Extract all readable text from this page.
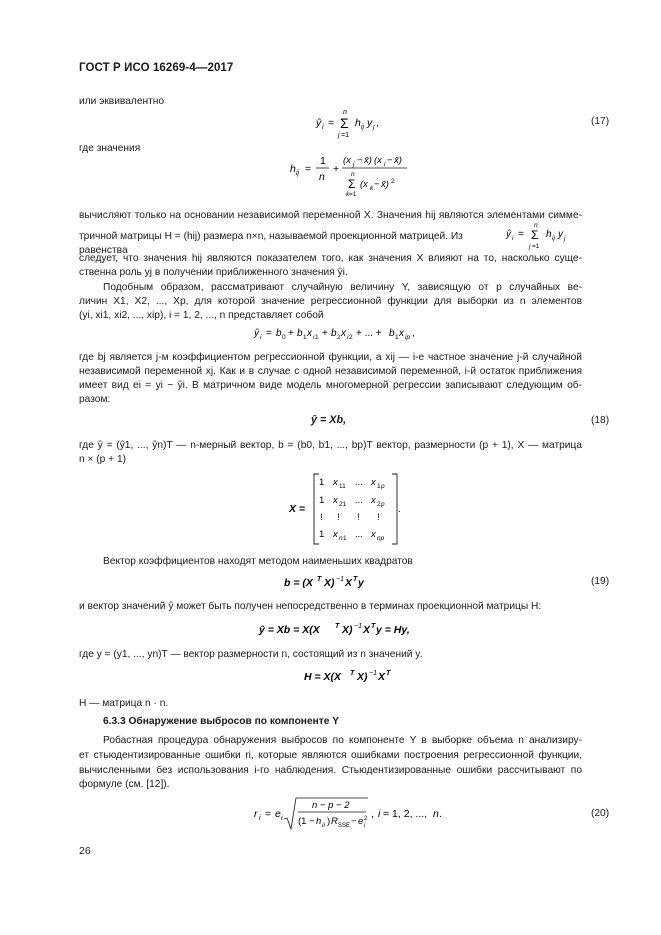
ГОСТ Р ИСО 16269-4—2017
или эквивалентно
ŷ i =
n
Σ
j =1
h ij y j ,	(17)
где значения
h ij =
1
n
+
(x j − x̄) (x i − x̄)
n
Σ
k =1
(x k − x̄) 2
вычисляют только на основании независимой переменной X. Значения hij являются элементами симме-
тричной матрицы H = (hij) размера n×n, называемой проекционной матрицей. Из равенства
ŷ i =
n
Σ
j =1
h ij y j
следует, что значения hij являются показателем того, как значения X влияют на то, насколько суще-
ственна роль yj в получении приближенного значения ŷi.
Подобным образом, рассматривают случайную величину Y, зависящую от p случайных ве-
личин X1, X2, ..., Xp, для которой значение регрессионной функции для выборки из n элементов
(yi, xi1, xi2, ..., xip), i = 1, 2, ..., n представляет собой
ŷ i = b 0 + b 1 x i 1 + b 2 x i 2 + ... + b 1 x ip ,
где bj является j-м коэффициентом регрессионной функции, а xij — i-е частное значение j-й случайной
независимой переменной xj. Как и в случае с одной независимой переменной, i-й остаток приближения
имеет вид ei = yi − ŷi. В матричном виде модель многомерной регрессии записывают следующим об-
разом:
ŷ = Xb,	(18)
где ŷ = (ŷ1, ..., ŷn)T — n-мерный вектор, b = (b0, b1, ..., bp)T вектор, размерности (p + 1), X — матрица
n × (p + 1)
X =
1 x 11 ... x 1 p
1 x 21 ... x 2 p
! ! ! !
1 x n 1 ... x np
.
Вектор коэффициентов находят методом наименьших квадратов
b = (X T X) −1 X T y	(19)
и вектор значений ŷ может быть получен непосредственно в терминах проекционной матрицы H:
ŷ = Xb = X(X T X) −1 X T y = Hy,
где y = (y1, ..., yn)T — вектор размерности n, состоящий из n значений y.
H = X(X T X) −1 X T
H — матрица n · n.
6.3.3 Обнаружение выбросов по компоненте Y
Робастная процедура обнаружения выбросов по компоненте Y в выборке объема n анализиру-
ет стьюдентизированные ошибки ri, которые являются ошибками построения регрессионной функции,
вычисленными без использования i-го наблюдения. Стьюдентизированные ошибки рассчитывают по
формуле (см. [12]).
r i = e i
n − p − 2
(1 − h ii ) R SSE − e 2
i
, i = 1, 2, ..., n .	(20)
26
